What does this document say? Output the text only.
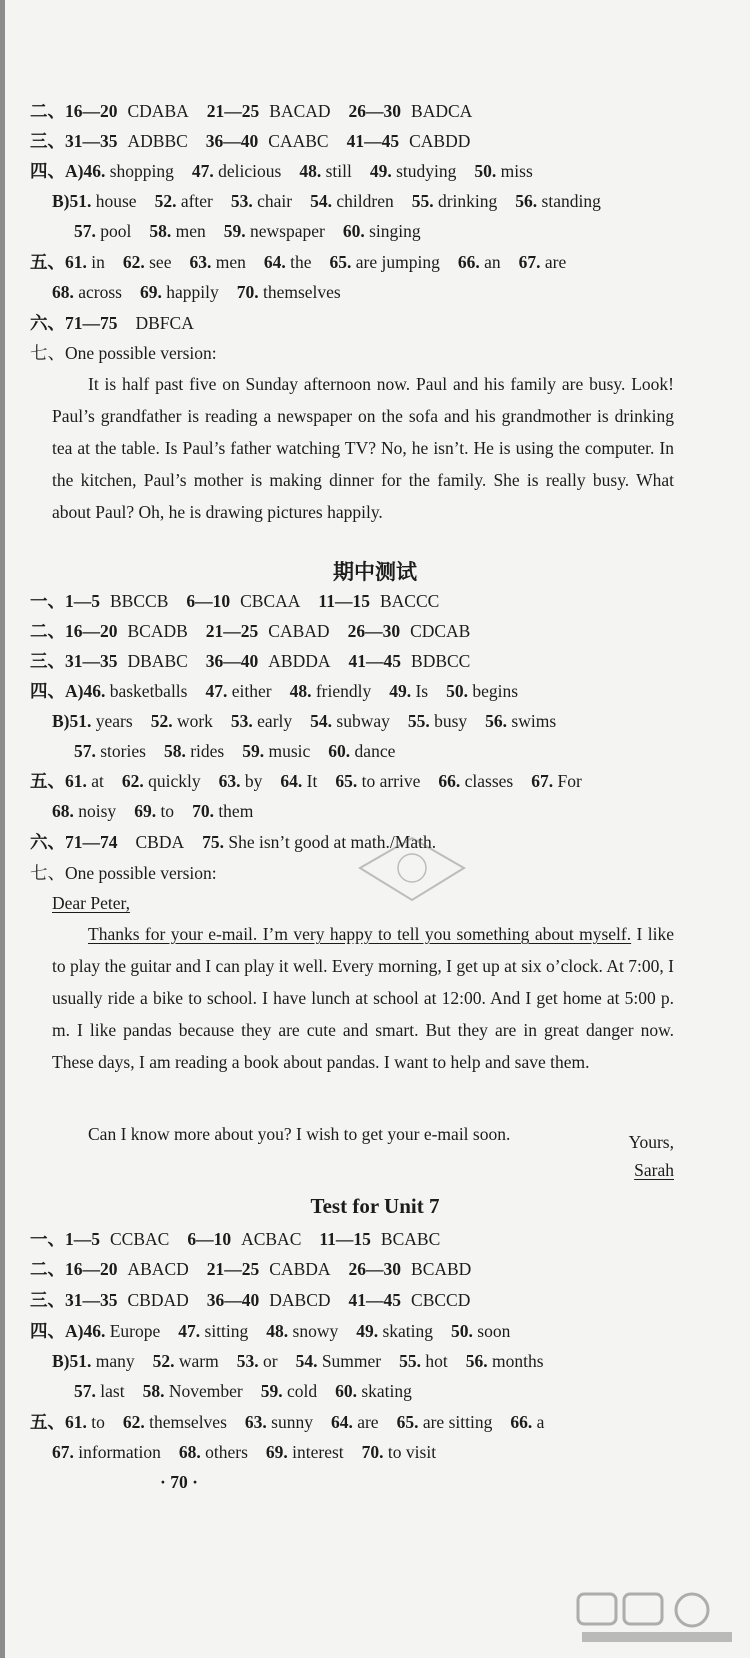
二、16—20 CDABA 21—25 BACAD 26—30 BADCA
三、31—35 ADBBC 36—40 CAABC 41—45 CABDD
四、A)46. shopping 47. delicious 48. still 49. studying 50. miss
B)51. house 52. after 53. chair 54. children 55. drinking 56. standing
57. pool 58. men 59. newspaper 60. singing
五、61. in 62. see 63. men 64. the 65. are jumping 66. an 67. are
68. across 69. happily 70. themselves
六、71—75 DBFCA
七、One possible version:
It is half past five on Sunday afternoon now. Paul and his family are busy. Look! Paul’s grandfather is reading a newspaper on the sofa and his grandmother is drinking tea at the table. Is Paul’s father watching TV? No, he isn’t. He is using the computer. In the kitchen, Paul’s mother is making dinner for the family. She is really busy. What about Paul? Oh, he is drawing pictures happily.
期中测试
一、1—5 BBCCB 6—10 CBCAA 11—15 BACCC
二、16—20 BCADB 21—25 CABAD 26—30 CDCAB
三、31—35 DBABC 36—40 ABDDA 41—45 BDBCC
四、A)46. basketballs 47. either 48. friendly 49. Is 50. begins
B)51. years 52. work 53. early 54. subway 55. busy 56. swims
57. stories 58. rides 59. music 60. dance
五、61. at 62. quickly 63. by 64. It 65. to arrive 66. classes 67. For
68. noisy 69. to 70. them
六、71—74 CBDA 75. She isn’t good at math./Math.
七、One possible version:
Dear Peter,
Thanks for your e-mail. I’m very happy to tell you something about myself. I like to play the guitar and I can play it well. Every morning, I get up at six o’clock. At 7:00, I usually ride a bike to school. I have lunch at school at 12:00. And I get home at 5:00 p. m. I like pandas because they are cute and smart. But they are in great danger now. These days, I am reading a book about pandas. I want to help and save them.
Can I know more about you? I wish to get your e-mail soon.	Yours,
Sarah
Test for Unit 7
一、1—5 CCBAC 6—10 ACBAC 11—15 BCABC
二、16—20 ABACD 21—25 CABDA 26—30 BCABD
三、31—35 CBDAD 36—40 DABCD 41—45 CBCCD
四、A)46. Europe 47. sitting 48. snowy 49. skating 50. soon
B)51. many 52. warm 53. or 54. Summer 55. hot 56. months
57. last 58. November 59. cold 60. skating
五、61. to 62. themselves 63. sunny 64. are 65. are sitting 66. a
67. information 68. others 69. interest 70. to visit
· 70 ·
